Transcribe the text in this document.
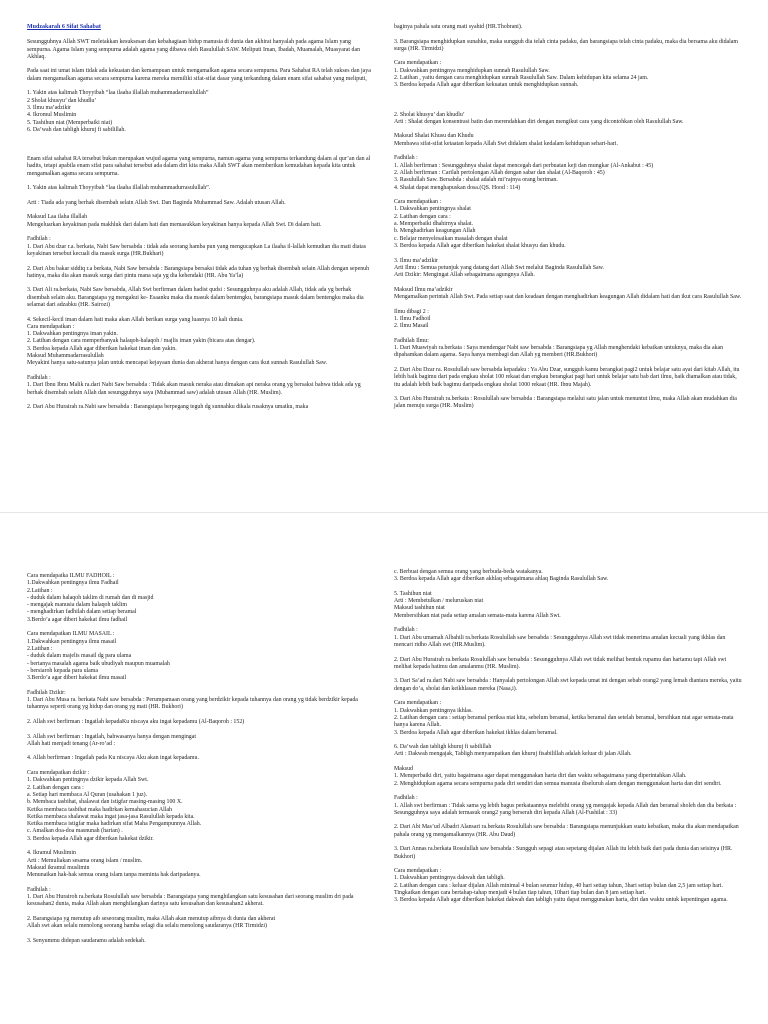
Mudzakarah 6 Sifat Sahabat
Sesungguhnya Allah SWT meletakkan kesuksesan dan kebahagiaan hidup manusia di dunia dan akhirat hanyalah pada agama Islam yang sempurna. Agama Islam yang sempurna adalah agama yang dibawa oleh Rasulullah SAW. Meliputi Iman, Ibadah, Muamalah, Muasyarat dan Akhlaq.
Pada saat ini umat islam tidak ada kekuatan dan kemampuan untuk mengamalkan agama secara sempurna. Para Sahabat RA telah sukses dan jaya dalam mengamalkan agama secara sempurna karena mereka memiliki sifat-sifat dasar yang terkandung dalam enam sifat sahabat yang meliputi,
1. Yakin atas kalimah Thoyyibah “laa ilaaha illallah muhammadarrasulullah”
2 Sholat khusyu’ dan khudlu’
3. Ilmu ma’adzikir
4. Ikromul Muslimin
5. Tashihun niat (Memperbaiki niat)
6. Da’wah dan tabligh khuruj fi sabilillah.
Enam sifat sahabat RA tersebut bukan merupakan wujud agama yang sempurna, namun agama yang sempurna terkandung dalam al qur’an dan al hadits, tetapi apabila enam sifat para sahabat tersebut ada dalam diri kita maka Allah SWT akan memberikan kemudahan kepada kita untuk mengamalkan agama secara sempurna.
1. Yakin atas kalimah Thoyyibah “laa ilaaha illallah muhammadurrasulullah”.
Arti : Tiada ada yang berhak disembah selain Allah Swt. Dan Baginda Muhammad Saw. Adalah utusan Allah.
Maksud Laa ilaha illallah
Mengeluarkan keyakinan pada makhluk dari dalam hati dan memasukkan keyakinan hanya kepada Allah Swt. Di dalam hati.
Fadhilah :
1. Dari Abu dzar r.a. berkata, Nabi Saw bersabda : tidak ada seorang hamba pun yang mengucapkan La ilaaha il-lallah kemudian dia mati diatas keyakinan tersebut kecuali dia masuk surga (HR.Bukhari)
2. Dari Abu bakar siddiq r.a berkata, Nabi Saw bersabda : Barangsiapa bersaksi tidak ada tuhan yg berhak disembah selain Allah dengan sepenuh hatinya, maka dia akan masuk surga dari pintu mana saja yg dia kehendaki (HR. Abu Ya’la)
3. Dari Ali ra.berkata, Nabi Saw bersabda, Allah Swt berfirman dalam hadist qudsi : Sesungguhnya aku adalah Allah, tidak ada yg berhak disembah selain aku. Barangsiapa yg mengakui ke- Esaanku maka dia masuk dalam bentengku, barangsiapa masuk dalam bentengku maka dia selamat dari adzabku (HR. Sairozi)
4. Sekecil-kecil iman dalam hati maka akan Allah berikan surga yang luasnya 10 kali dunia.
Cara mendapatkan :
1. Dakwahkan pentingnya iman yakin.
2. Latihan dengan cara memperbanyak halaqoh-halaqoh / majlis iman yakin (bicara atas dengar).
3. Berdoa kepada Allah agar diberikan hakekat iman dan yakin.
Maksud Muhammadarrasulullah
Meyakini hanya satu-satunya jalan untuk mencapai kejayaan dunia dan akherat hanya dengan cara ikut sunnah Rasulullah Saw.
Fadhilah :
1. Dari Ibnu Ibnu Malik ra.dari Nabi Saw bersabda : Tidak akan masuk neraka atau dimakan api neraka orang yg bersaksi bahwa tidak ada yg berhak disembah selain Allah dan sesungguhnya saya (Muhammad saw) adalah utusan Allah (HR. Muslim).
2. Dari Abu Hurairah ra.Nabi saw bersabda : Barangsiapa berpegang teguh dg sunnahku dikala rusaknya umatku, maka
baginya pahala satu orang mati syahid (HR.Thobrani).
3. Barangsiapa menghidupkan sunahku, maka sungguh dia telah cinta padaku, dan barangsiapa telah cinta padaku, maka dia bersama aku didalam surga (HR. Tirmidzi)
Cara mendapatkan :
1. Dakwahkan pentingnya menghidupkan sunnah Rasulullah Saw.
2. Latihan , yaitu dengan cara menghidupkan sunnah Rasulullah Saw. Dalam kehidupan kita selama 24 jam.
3. Berdoa kepada Allah agar diberikan kekuatan untuk menghidupkan sunnah.
2. Sholat khusyu’ dan khudlu’
Arti : Shalat dengan konsentrasi batin dan merendahkan diri dengan mengikut cara yang dicontohkan oleh Rasulullah Saw.
Maksud Shalat Khusu dan Khudu
Membawa sifat-sifat ketaatan kepada Allah Swt didalam shalat kedalam kehidupan sehari-hari.
Fadhilah :
1. Allah berfirman : Sesungguhnya shalat dapat mencegah dari perbuatan keji dan mungkar (Al-Ankabut : 45)
2. Allah berfirman : Carilah pertolongan Allah dengan sabar dan shalat (Al-Baqoroh : 45)
3. Rasulullah Saw. Bersabda : shalat adalah mi’rajnya orang beriman.
4. Shalat dapat menghapuskan dosa.(QS. Hood : 114)
Cara mendapatkan :
1. Dakwahkan pentingnya shalat
2. Latihan dengan cara :
a. Memperbaiki dhahirnya shalat.
b. Menghadirkan keagungan Allah
c. Belajar menyelesaikan masalah dengan shalat
3. Berdoa kepada Allah agar diberikan hakekat shalat khusyu dan khudu.
3. Ilmu ma’adzikir
Arti Ilmu : Semua petunjuk yang datang dari Allah Swt melalui Baginda Rasulullah Saw.
Arti Dzikir: Mengingat Allah sebagaimana agungnya Allah.
Maksud Ilmu ma’adzikir
Mengamalkan perintah Allah Swt. Pada setiap saat dan keadaan dengan menghadirkan keagungan Allah didalam hati dan ikut cara Rasulullah Saw.
Ilmu dibagi 2 :
1. Ilmu Fadhoil
2. Ilmu Masail
Fadhilah Ilmu:
1. Dari Muawiyah ra.berkata : Saya mendengar Nabi saw bersabda : Barangsiapa yg Allah menghendaki kebaikan untuknya, maka dia akan dipahamkan dalam agama. Saya hanya membagi dan Allah yg memberi (HR.Bukhori)
2. Dari Abu Dzar ra. Rosulullah saw bersabda kepadaku : Ya Abu Dzar, sungguh kamu berangkat pagi2 untuk belajar satu ayat dari kitab Allah, itu lebih baik bagimu dari pada engkau sholat 100 rekaat dan engkau berangkat pagi hari untuk belajar satu bab dari ilmu, baik diamalkan atau tidak, itu adalah lebih baik bagimu daripada engkau sholat 1000 rekaat (HR. Ibnu Majah).
3. Dari Abu Hurairah ra.berkata : Rosulullah saw bersabda : Barangsiapa melalui satu jalan untuk menuntut ilmu, maka Allah akan mudahkan dia jalan menuju surga (HR. Muslim)
Cara mendapatka ILMU FADHOIL :
1.Dakwahkan pentingnya ilmu Fadhail
2.Latihan :
- duduk dalam halaqoh taklim di rumah dan di masjid
- mengajak manusia dalam halaqoh taklim
- menghadirkan fadhilah dalam setiap beramal
3.Berdo’a agar diberi hakekat ilmu fadhail
Cara mendapatkan ILMU MASAIL :
1.Dakwahkan pentingnya ilmu masail
2.Latihan :
- duduk dalam majelis masail dg para ulama
- bertanya masalah agama baik ubudiyah maupun muamalah
- bersiaroh kepada para ulama
3.Berdo’a agar diberi hakekat ilmu masail
Fadhilah Dzikir:
1. Dari Abu Musa ra. berkata Nabi saw bersabda : Perumpamaan orang yang berdzikir kepada tuhannya dan orang yg tidak berdzikir kepada tuhannya seperti orang yg hidup dan orang yg mati (HR. Bukhori)
2. Allah swt berfirman : Ingatlah kepadaKu niscaya aku ingat kepadamu (Al-Baqoroh : 152)
3. Allah swt berfirman : Ingatlah, bahwasanya hanya dengan mengingat
Allah hati menjadi tenang (Ar-ro’ad :
4. Allah berfirman : Ingatlah pada Ku niscaya Aku akan ingat kepadamu.
Cara mendapatkan dzikir :
1. Dakwahkan pentingnya dzikir kepada Allah Swt.
2. Latihan dengan cara :
a. Setiap hari membaca Al Quran (usahakan 1 juz).
b. Membaca tasbihat, shalawat dan istigfar masing-masing 100 X.
Ketika membaca tasbihat maka hadirkan kemahasucian Allah
Ketika membaca shalawat maka ingat jasa-jasa Rasulullah kepada kita.
Ketika membaca istigfar maka hadirkan sifat Maha Pengampunnya Allah.
c. Amalkan doa-doa masnunah (harian) .
3. Berdoa kepada Allah agar diberikan hakekat dzikir.
4. Ikramul Muslimin
Arti : Memuliakan sesama orang islam / muslim.
Maksud ikramul muslimin
Menunaikan hak-hak semua orang islam tanpa meminta hak daripadanya.
Fadhilah :
1. Dari Abu Hurairoh ra.berkata Rosulullah saw bersabda : Barangsiapa yang menghilangkan satu kesusahan dari seorang muslim dri pada kesusahan2 dunia, maka Allah akan menghilangkan darinya satu kesusahan dan kesusahan2 akherat.
2. Barangsiapa yg menutup aib seseorang muslim, maka Allah akan menutup aibnya di dunia dan akherat
Allah swt akan selalu menolong seorang hamba selagi dia selalu menolong saudaranya (HR Tirmidzi)
3. Senyummu didepan saudaramu adalah sedekah.
c. Berbuat dengan semua orang yang berbuda-beda watakanya.
3. Berdoa kepada Allah agar diberikan akhlaq sebagaimana ahlaq Baginda Rasulullah Saw.
5. Tashihun niat
Arti : Membetulkan / meluruskan niat
Maksud tashihun niat
Membersihkan niat pada setiap amalan semata-mata karena Allah Swt.
Fadhilah :
1. Dari Abu umamah Albahili ra.berkata Rosulullah saw bersabda : Sesungguhnya Allah swt tidak menerima amalan kecuali yang ikhlas dan mencari ridho Allah swt (HR.Muslim).
2. Dari Abu Hurairah ra.berkata Rosulullah saw bersabda : Sesungguhnya Allah swt tidak melihat bentuk rupamu dan hartamu tapi Allah swt melihat kepada hatimu dan amalanmu (HR. Muslim).
3. Dari Sa’ad ra.dari Nabi saw bersabda : Hanyalah pertolongan Allah swt kepada umat ini dengan sebab orang2 yang lemah diantara mereka, yaitu dengan do’a, sholat dan keikhlasan mereka (Nasa,i).
Cara mendapatkan :
1. Dakwahkan pentingnya ikhlas.
2. Latihan dengan cara : setiap beramal periksa niat kita, sebelum beramal, ketika beramal dan setelah beramal, bersihkan niat agar semata-mata hanya karena Allah.
3. Berdoa kepada Allah agar diberikan hakekat ikhlas dalam beramal.
6. Da’wah dan tabligh khuruj fi sabilillah
Arti : Dakwah mengajak, Tabligh menyampaikan dan khuruj fisabilillah adalah keluar di jalan Allah.
Maksud
1. Memperbaiki diri, yaitu bagaimana agar dapat menggunakan harta diri dan waktu sebagaimana yang diperintahkan Allah.
2. Menghidupkan agama secara sempurna pada diri sendiri dan semua manusia diseluruh alam dengan menggunakan harta dan diri sendiri.
Fadhilah :
1. Allah swt berfirman : Tidak sama yg lebih bagus perkataannya melebihi orang yg mengajak kepada Allah dan beramal sholeh dan dia berkata : Sesungguhnya saya adalah termasuk orang2 yang berserah diri kepada Allah (Al-Fushilat : 33)
2. Dari Abi Mas’ud Albadri Alansari ra.berkata Rosulullah saw bersabda : Barangsiapa menunjukkan suatu kebaikan, maka dia akan mendapatkan pahala orang yg mengamalkannya (HR. Abu Daud)
3. Dari Annas ra.berkata Rosulullah saw bersabda : Sungguh sepagi atau sepetang dijalan Allah itu lebih baik dari pada dunia dan seisinya (HR. Bukhori)
Cara mendapatkan :
1. Dakwahkan pentingnya dakwah dan tabligh.
2. Latihan dengan cara : keluar dijalan Allah minimal 4 bulan seumur hidup, 40 hari setiap tahun, 3hari setiap bulan dan 2,5 jam setiap hari. Tingkatkan dengan cara bertahap-tahap menjadi 4 bulan tiap tahun, 10hari tiap bulan dan 8 jam setiap hari.
3. Berdoa kepada Allah agar diberikan hakekat dakwah dan tabligh yaitu dapat menggunakan harta, diri dan waktu untuk kepentingan agama.
